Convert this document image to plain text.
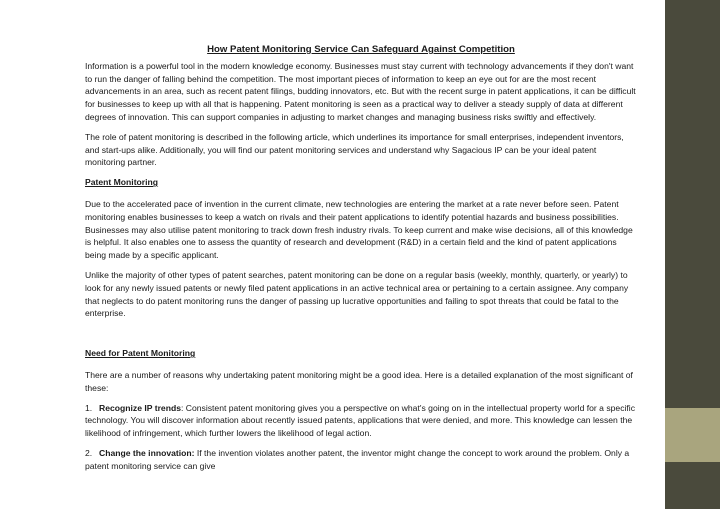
How Patent Monitoring Service Can Safeguard Against Competition

Information is a powerful tool in the modern knowledge economy. Businesses must stay current with technology advancements if they don't want to run the danger of falling behind the competition. The most important pieces of information to keep an eye out for are the most recent advancements in an area, such as recent patent filings, budding innovators, etc. But with the recent surge in patent applications, it can be difficult for businesses to keep up with all that is happening. Patent monitoring is seen as a practical way to deliver a steady supply of data at different degrees of innovation. This can support companies in adjusting to market changes and managing business risks swiftly and effectively.

The role of patent monitoring is described in the following article, which underlines its importance for small enterprises, independent inventors, and start-ups alike. Additionally, you will find our patent monitoring services and understand why Sagacious IP can be your ideal patent monitoring partner.

Patent Monitoring

Due to the accelerated pace of invention in the current climate, new technologies are entering the market at a rate never before seen. Patent monitoring enables businesses to keep a watch on rivals and their patent applications to identify potential hazards and business possibilities. Businesses may also utilise patent monitoring to track down fresh industry rivals. To keep current and make wise decisions, all of this knowledge is helpful. It also enables one to assess the quantity of research and development (R&D) in a certain field and the kind of patent applications being made by a specific applicant.

Unlike the majority of other types of patent searches, patent monitoring can be done on a regular basis (weekly, monthly, quarterly, or yearly) to look for any newly issued patents or newly filed patent applications in an active technical area or pertaining to a certain assignee. Any company that neglects to do patent monitoring runs the danger of passing up lucrative opportunities and failing to spot threats that could be fatal to the enterprise.

Need for Patent Monitoring

There are a number of reasons why undertaking patent monitoring might be a good idea. Here is a detailed explanation of the most significant of these:

1. Recognize IP trends: Consistent patent monitoring gives you a perspective on what's going on in the intellectual property world for a specific technology. You will discover information about recently issued patents, applications that were denied, and more. This knowledge can lessen the likelihood of infringement, which further lowers the likelihood of legal action.

2. Change the innovation: If the invention violates another patent, the inventor might change the concept to work around the problem. Only a patent monitoring service can give
